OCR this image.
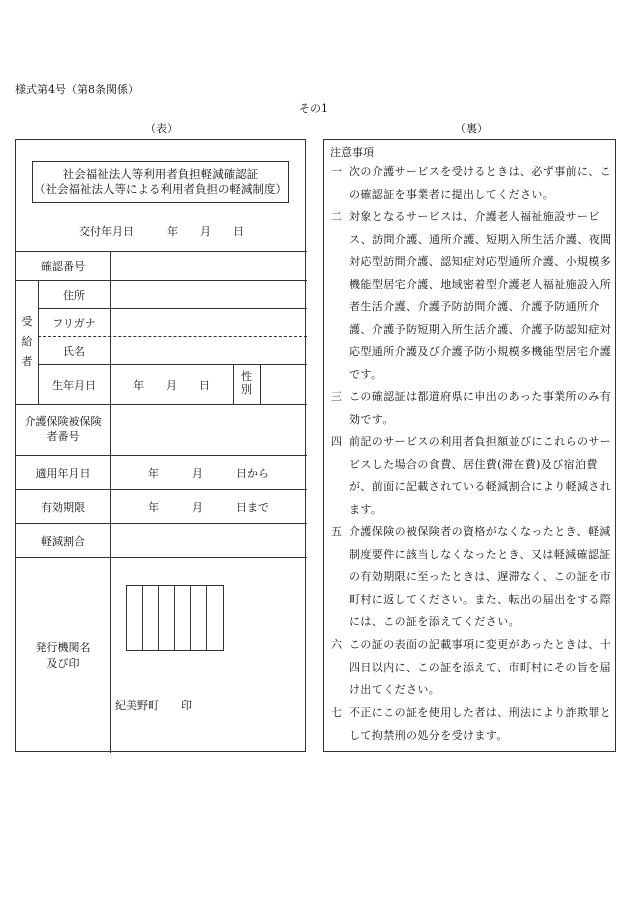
様式第4号（第8条関係）
その1
（表）	（裏）
社会福祉法人等利用者負担軽減確認証
（社会福祉法人等による利用者負担の軽減制度）
交付年月日　　　年　　月　　日
確認番号
受
給
者
住所
フリガナ
氏名
生年月日	年　　月　　日
性
別
介護保険被保険
者番号
適用年月日	年　　　月　　　日から
有効期限	年　　　月　　　日まで
軽減割合
発行機関名
及び印
紀美野町　　印
注意事項
一 次の介護サービスを受けるときは、必ず事前に、この確認証を事業者に提出してください。
二 対象となるサービスは、介護老人福祉施設サービス、訪問介護、通所介護、短期入所生活介護、夜間対応型訪問介護、認知症対応型通所介護、小規模多機能型居宅介護、地域密着型介護老人福祉施設入所者生活介護、介護予防訪問介護、介護予防通所介護、介護予防短期入所生活介護、介護予防認知症対応型通所介護及び介護予防小規模多機能型居宅介護です。
三 この確認証は都道府県に申出のあった事業所のみ有効です。
四 前記のサービスの利用者負担額並びにこれらのサービスした場合の食費、居住費(滞在費)及び宿泊費が、前面に記載されている軽減割合により軽減されます。
五 介護保険の被保険者の資格がなくなったとき、軽減制度要件に該当しなくなったとき、又は軽減確認証の有効期限に至ったときは、遅滞なく、この証を市町村に返してください。また、転出の届出をする際には、この証を添えてください。
六 この証の表面の記載事項に変更があったときは、十四日以内に、この証を添えて、市町村にその旨を届け出てください。
七 不正にこの証を使用した者は、刑法により詐欺罪として拘禁刑の処分を受けます。
